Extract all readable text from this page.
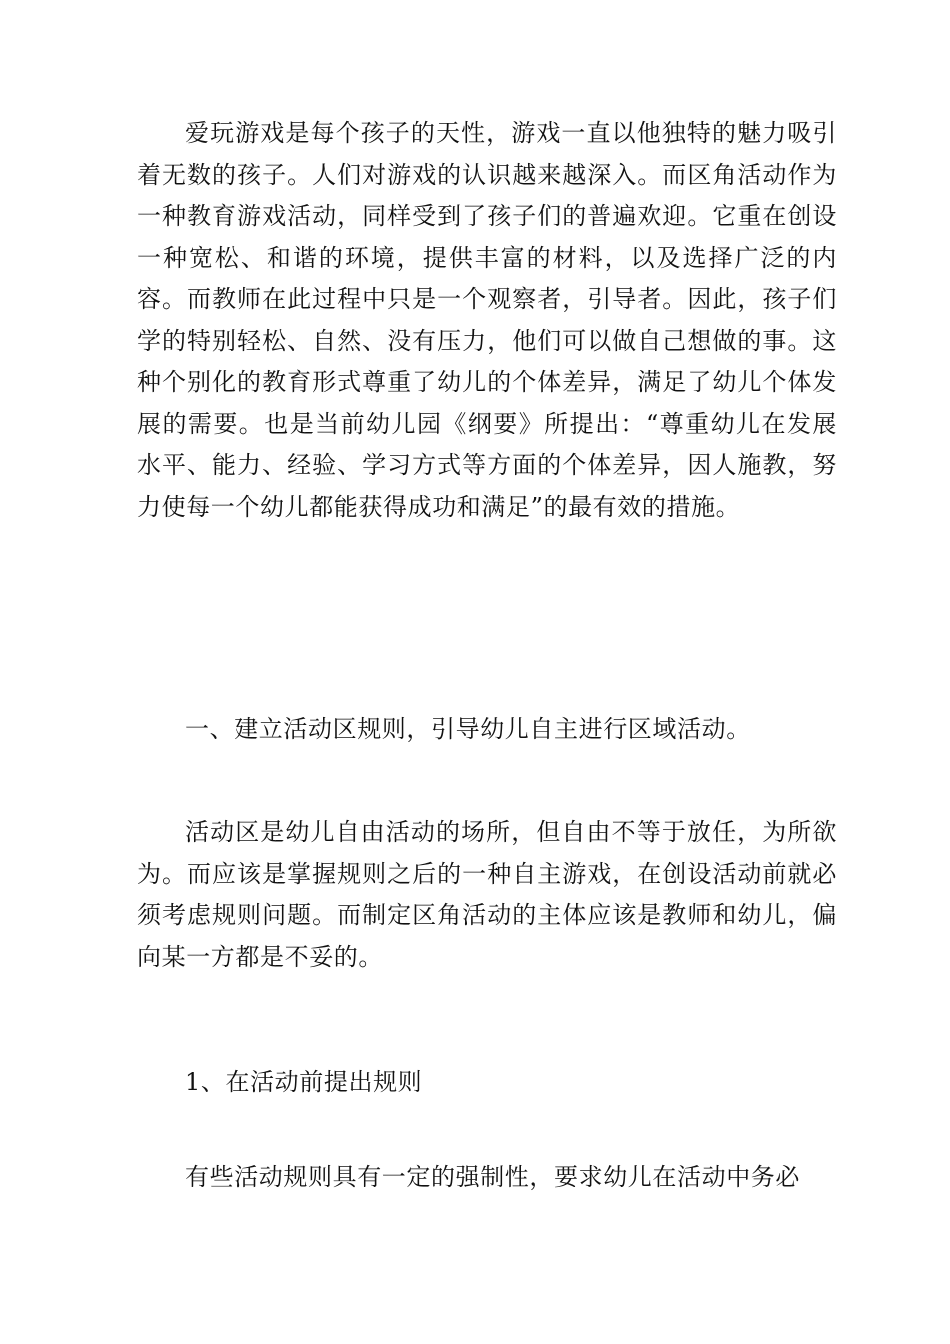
爱玩游戏是每个孩子的天性，游戏一直以他独特的魅力吸引着无数的孩子。人们对游戏的认识越来越深入。而区角活动作为一种教育游戏活动，同样受到了孩子们的普遍欢迎。它重在创设一种宽松、和谐的环境，提供丰富的材料，以及选择广泛的内容。而教师在此过程中只是一个观察者，引导者。因此，孩子们学的特别轻松、自然、没有压力，他们可以做自己想做的事。这种个别化的教育形式尊重了幼儿的个体差异，满足了幼儿个体发展的需要。也是当前幼儿园《纲要》所提出：“尊重幼儿在发展水平、能力、经验、学习方式等方面的个体差异，因人施教，努力使每一个幼儿都能获得成功和满足”的最有效的措施。

一、建立活动区规则，引导幼儿自主进行区域活动。

活动区是幼儿自由活动的场所，但自由不等于放任，为所欲为。而应该是掌握规则之后的一种自主游戏，在创设活动前就必须考虑规则问题。而制定区角活动的主体应该是教师和幼儿，偏向某一方都是不妥的。

1、在活动前提出规则

有些活动规则具有一定的强制性，要求幼儿在活动中务必
